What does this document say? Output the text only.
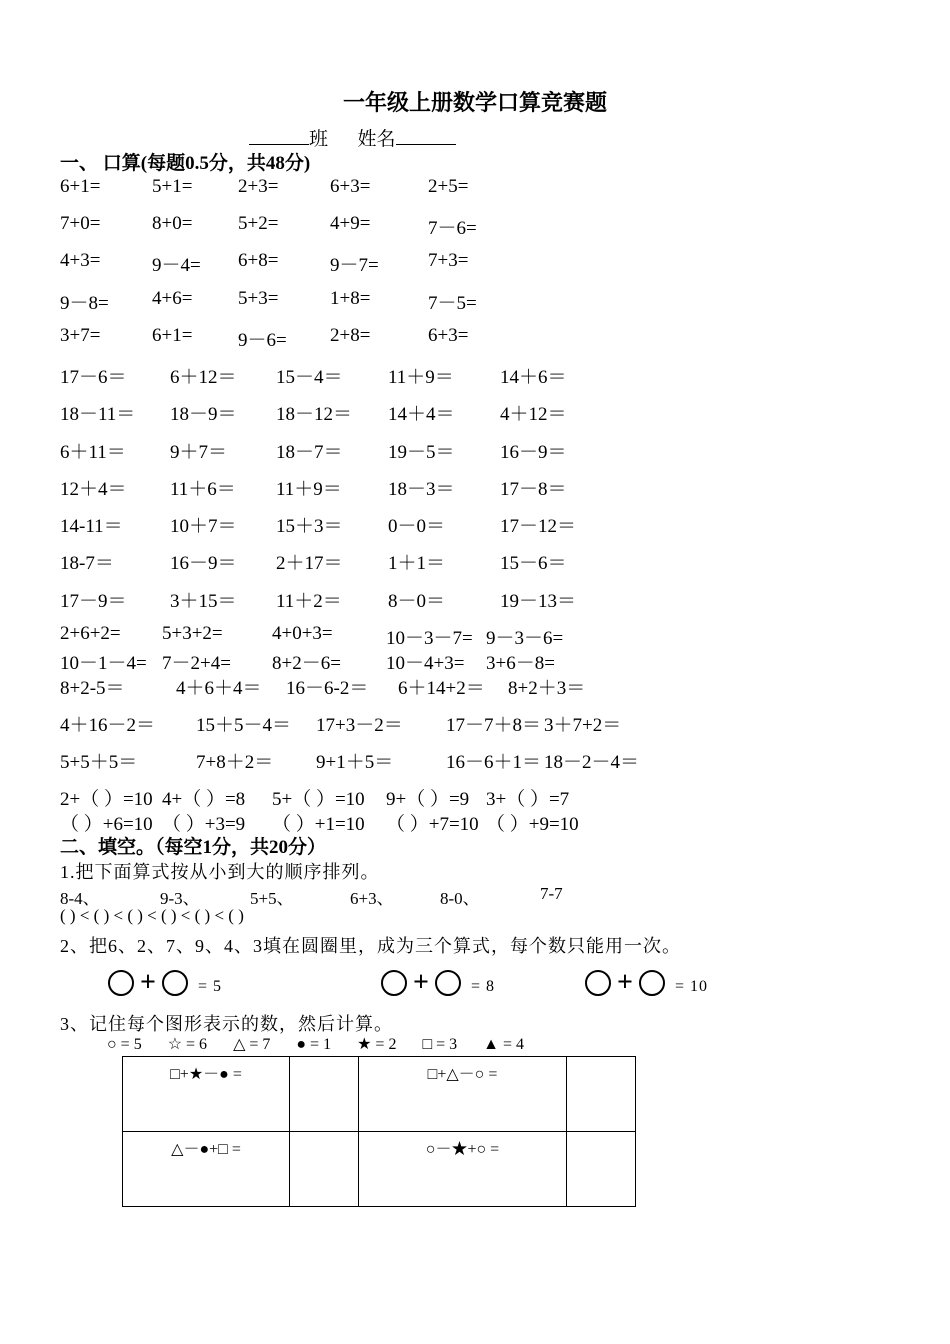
一年级上册数学口算竞赛题
班 姓名
一、 口算(每题0.5分，共48分)
6+1=	5+1= 2+3=	6+3=	2+5=
7+0=	8+0= 5+2=	4+9=	7－6=
4+3=	9－4= 6+8=	9－7=	7+3=
9－8= 4+6= 5+3=	1+8=	7－5=
3+7=	6+1= 9－6= 2+8=	6+3=
17－6＝ 6＋12＝ 15－4＝ 11＋9＝ 14＋6＝
18－11＝ 18－9＝ 18－12＝ 14＋4＝ 4＋12＝
6＋11＝ 9＋7＝	18－7＝ 19－5＝ 16－9＝
12＋4＝ 11＋6＝ 11＋9＝ 18－3＝ 17－8＝
14-11＝ 10＋7＝ 15＋3＝ 0－0＝	17－12＝
18-7＝	16－9＝ 2＋17＝ 1＋1＝	15－6＝
17－9＝ 3＋15＝ 11＋2＝ 8－0＝	19－13＝
2+6+2= 5+3+2=	4+0+3=	10－3－7= 9－3－6=
10－1－4= 7－2+4= 8+2－6= 10－4+3= 3+6－8=
8+2-5＝	4＋6＋4＝ 16－6-2＝ 6＋14+2＝ 8+2＋3＝
4＋16－2＝ 15＋5－4＝ 17+3－2＝ 17－7＋8＝ 3＋7+2＝
5+5＋5＝	7+8＋2＝ 9+1＋5＝	16－6＋1＝ 18－2－4＝
2+（ ）=10 4+（ ）=8 5+（ ）=10 9+（ ）=9 3+（ ）=7
（ ）+6=10 （ ）+3=9 （ ）+1=10 （ ）+7=10 （ ）+9=10
二、填空。（每空1分，共20分）
1.把下面算式按从小到大的顺序排列。
8-4、	9-3、	5+5、	6+3、	8-0、	7-7
( ) < ( ) < ( ) < ( ) < ( ) < ( )
2、把6、2、7、9、4、3填在圆圈里，成为三个算式，每个数只能用一次。
+	= 5	+	= 8	+	= 10
3、记住每个图形表示的数，然后计算。
○ = 5 ☆ = 6 △ = 7 ● = 1 ★ = 2 □ = 3 ▲ = 4
□+★－● =		□+△－○ =	
△－●+□ =		○－★+○ =	
